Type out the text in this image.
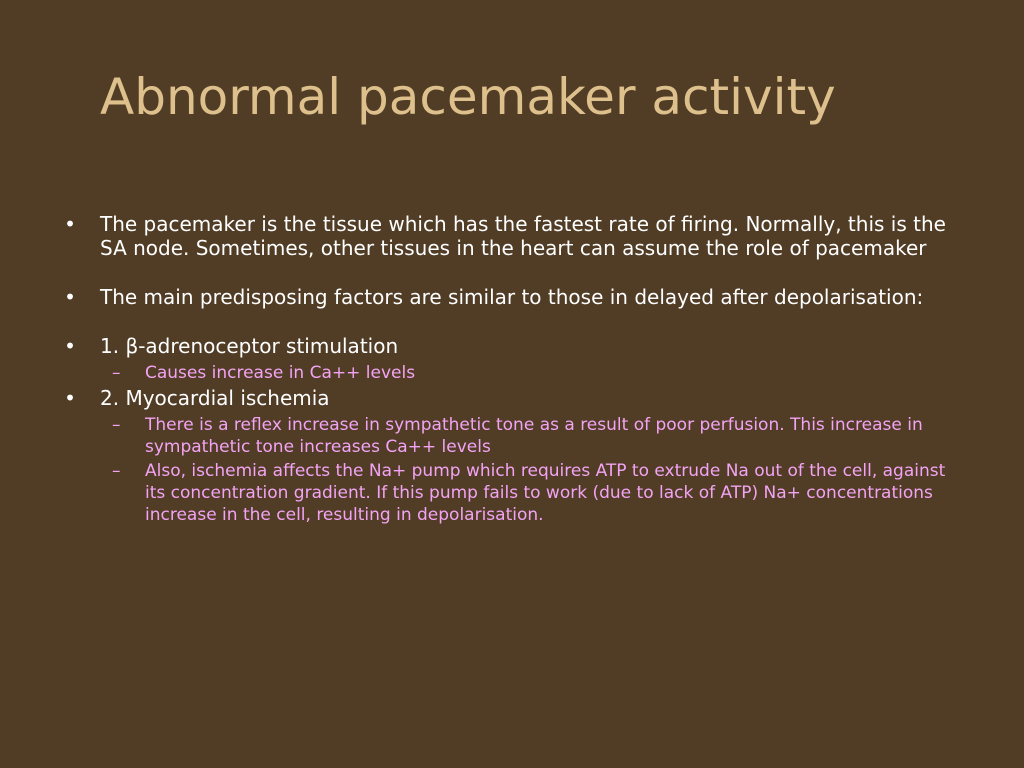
Abnormal pacemaker activity
• The pacemaker is the tissue which has the fastest rate of firing. Normally, this is the SA node. Sometimes, other tissues in the heart can assume the role of pacemaker
• The main predisposing factors are similar to those in delayed after depolarisation:
• 1. β-adrenoceptor stimulation
– Causes increase in Ca++ levels
• 2. Myocardial ischemia
– There is a reflex increase in sympathetic tone as a result of poor perfusion. This increase in sympathetic tone increases Ca++ levels
– Also, ischemia affects the Na+ pump which requires ATP to extrude Na out of the cell, against its concentration gradient. If this pump fails to work (due to lack of ATP) Na+ concentrations increase in the cell, resulting in depolarisation.
